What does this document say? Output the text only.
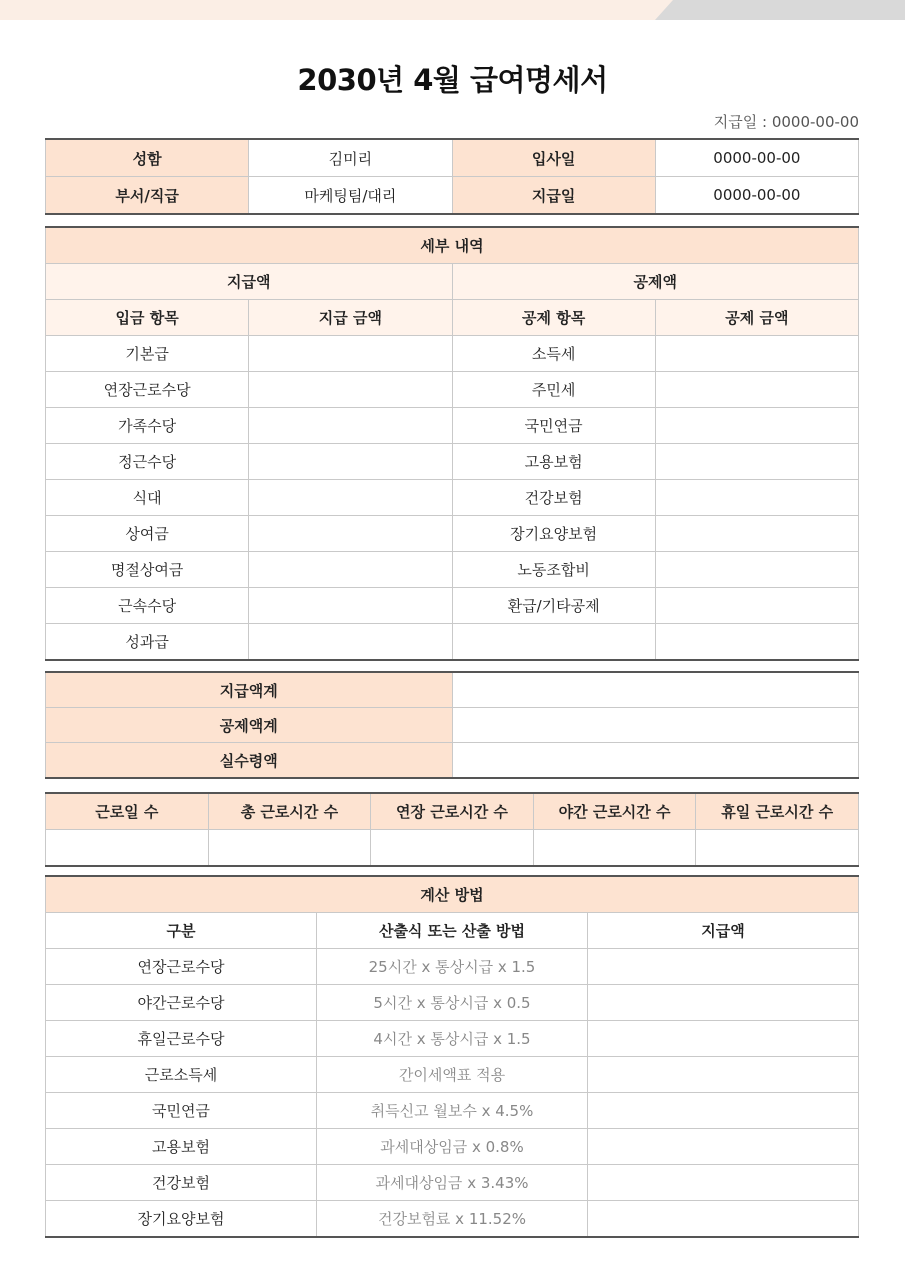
2030년 4월 급여명세서
지급일 : 0000-00-00
성함	김미리	입사일	0000-00-00
부서/직급	마케팅팀/대리	지급일	0000-00-00
세부 내역			
지급액		공제액	
입금 항목	지급 금액	공제 항목	공제 금액
기본급		소득세	
연장근로수당		주민세	
가족수당		국민연금	
정근수당		고용보험	
식대		건강보험	
상여금		장기요양보험	
명절상여금		노동조합비	
근속수당		환급/기타공제	
성과급			
지급액계	
공제액계	
실수령액	
근로일 수	총 근로시간 수	연장 근로시간 수	야간 근로시간 수	휴일 근로시간 수

계산 방법		
구분	산출식 또는 산출 방법	지급액
연장근로수당	25시간 x 통상시급 x 1.5	
야간근로수당	5시간 x 통상시급 x 0.5	
휴일근로수당	4시간 x 통상시급 x 1.5	
근로소득세	간이세액표 적용	
국민연금	취득신고 월보수 x 4.5%	
고용보험	과세대상임금 x 0.8%	
건강보험	과세대상임금 x 3.43%	
장기요양보험	건강보험료 x 11.52%	
